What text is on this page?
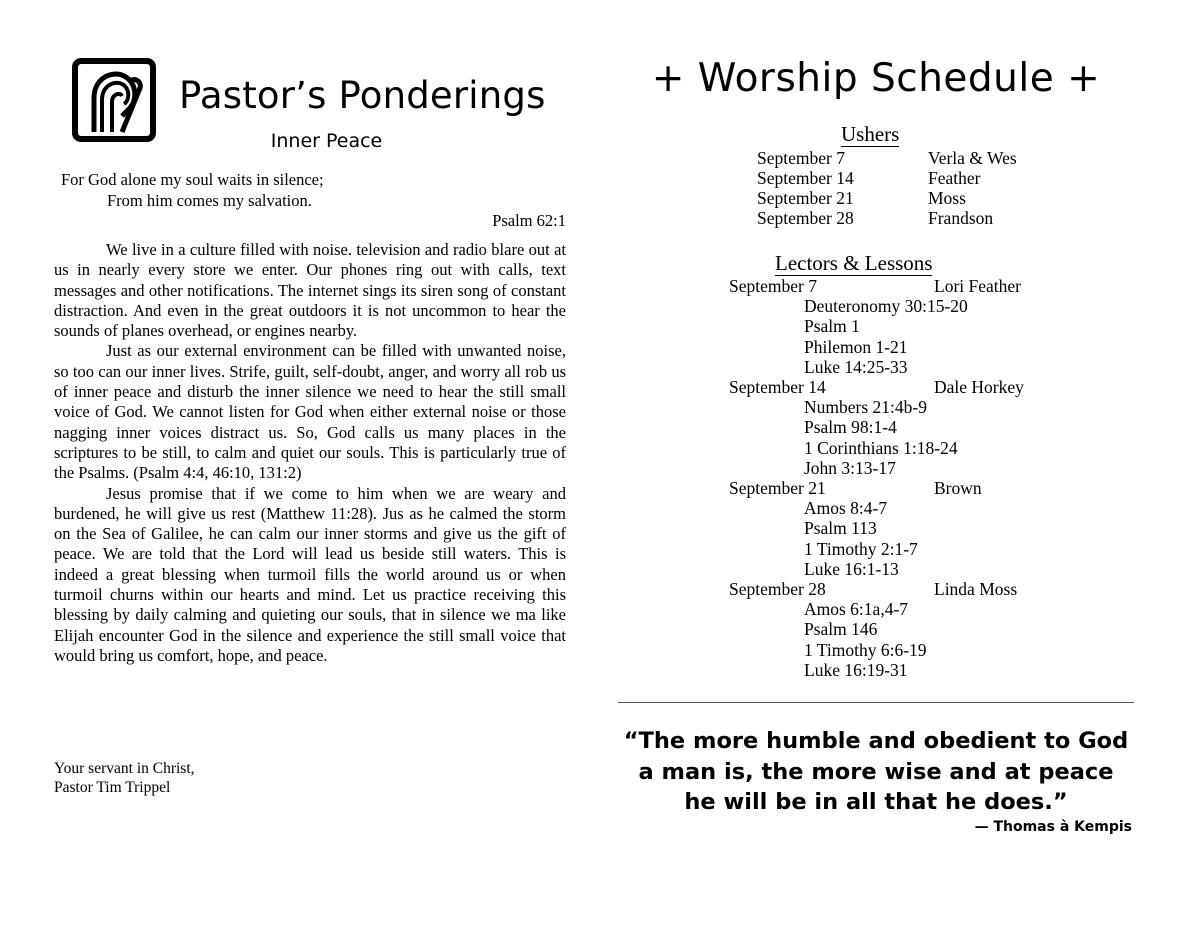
Pastor’s Ponderings
Inner Peace
For God alone my soul waits in silence;
From him comes my salvation.
Psalm 62:1

We live in a culture filled with noise. television and radio blare out at us in nearly every store we enter. Our phones ring out with calls, text messages and other notifications. The internet sings its siren song of constant distraction. And even in the great outdoors it is not uncommon to hear the sounds of planes overhead, or engines nearby.

Just as our external environment can be filled with unwanted noise, so too can our inner lives. Strife, guilt, self-doubt, anger, and worry all rob us of inner peace and disturb the inner silence we need to hear the still small voice of God. We cannot listen for God when either external noise or those nagging inner voices distract us. So, God calls us many places in the scriptures to be still, to calm and quiet our souls. This is particularly true of the Psalms. (Psalm 4:4, 46:10, 131:2)

Jesus promise that if we come to him when we are weary and burdened, he will give us rest (Matthew 11:28). Jus as he calmed the storm on the Sea of Galilee, he can calm our inner storms and give us the gift of peace. We are told that the Lord will lead us beside still waters. This is indeed a great blessing when turmoil fills the world around us or when turmoil churns within our hearts and mind. Let us practice receiving this blessing by daily calming and quieting our souls, that in silence we ma like Elijah encounter God in the silence and experience the still small voice that would bring us comfort, hope, and peace.

Your servant in Christ,
Pastor Tim Trippel
+ Worship Schedule +
Ushers
September 7	Verla & Wes
September 14	Feather
September 21	Moss
September 28	Frandson
Lectors & Lessons
September 7	Lori Feather
Deuteronomy 30:15-20
Psalm 1
Philemon 1-21
Luke 14:25-33
September 14	Dale Horkey
Numbers 21:4b-9
Psalm 98:1-4
1 Corinthians 1:18-24
John 3:13-17
September 21	Brown
Amos 8:4-7
Psalm 113
1 Timothy 2:1-7
Luke 16:1-13
September 28	Linda Moss
Amos 6:1a,4-7
Psalm 146
1 Timothy 6:6-19
Luke 16:19-31
“The more humble and obedient to God
a man is, the more wise and at peace
he will be in all that he does.”
— Thomas à Kempis
